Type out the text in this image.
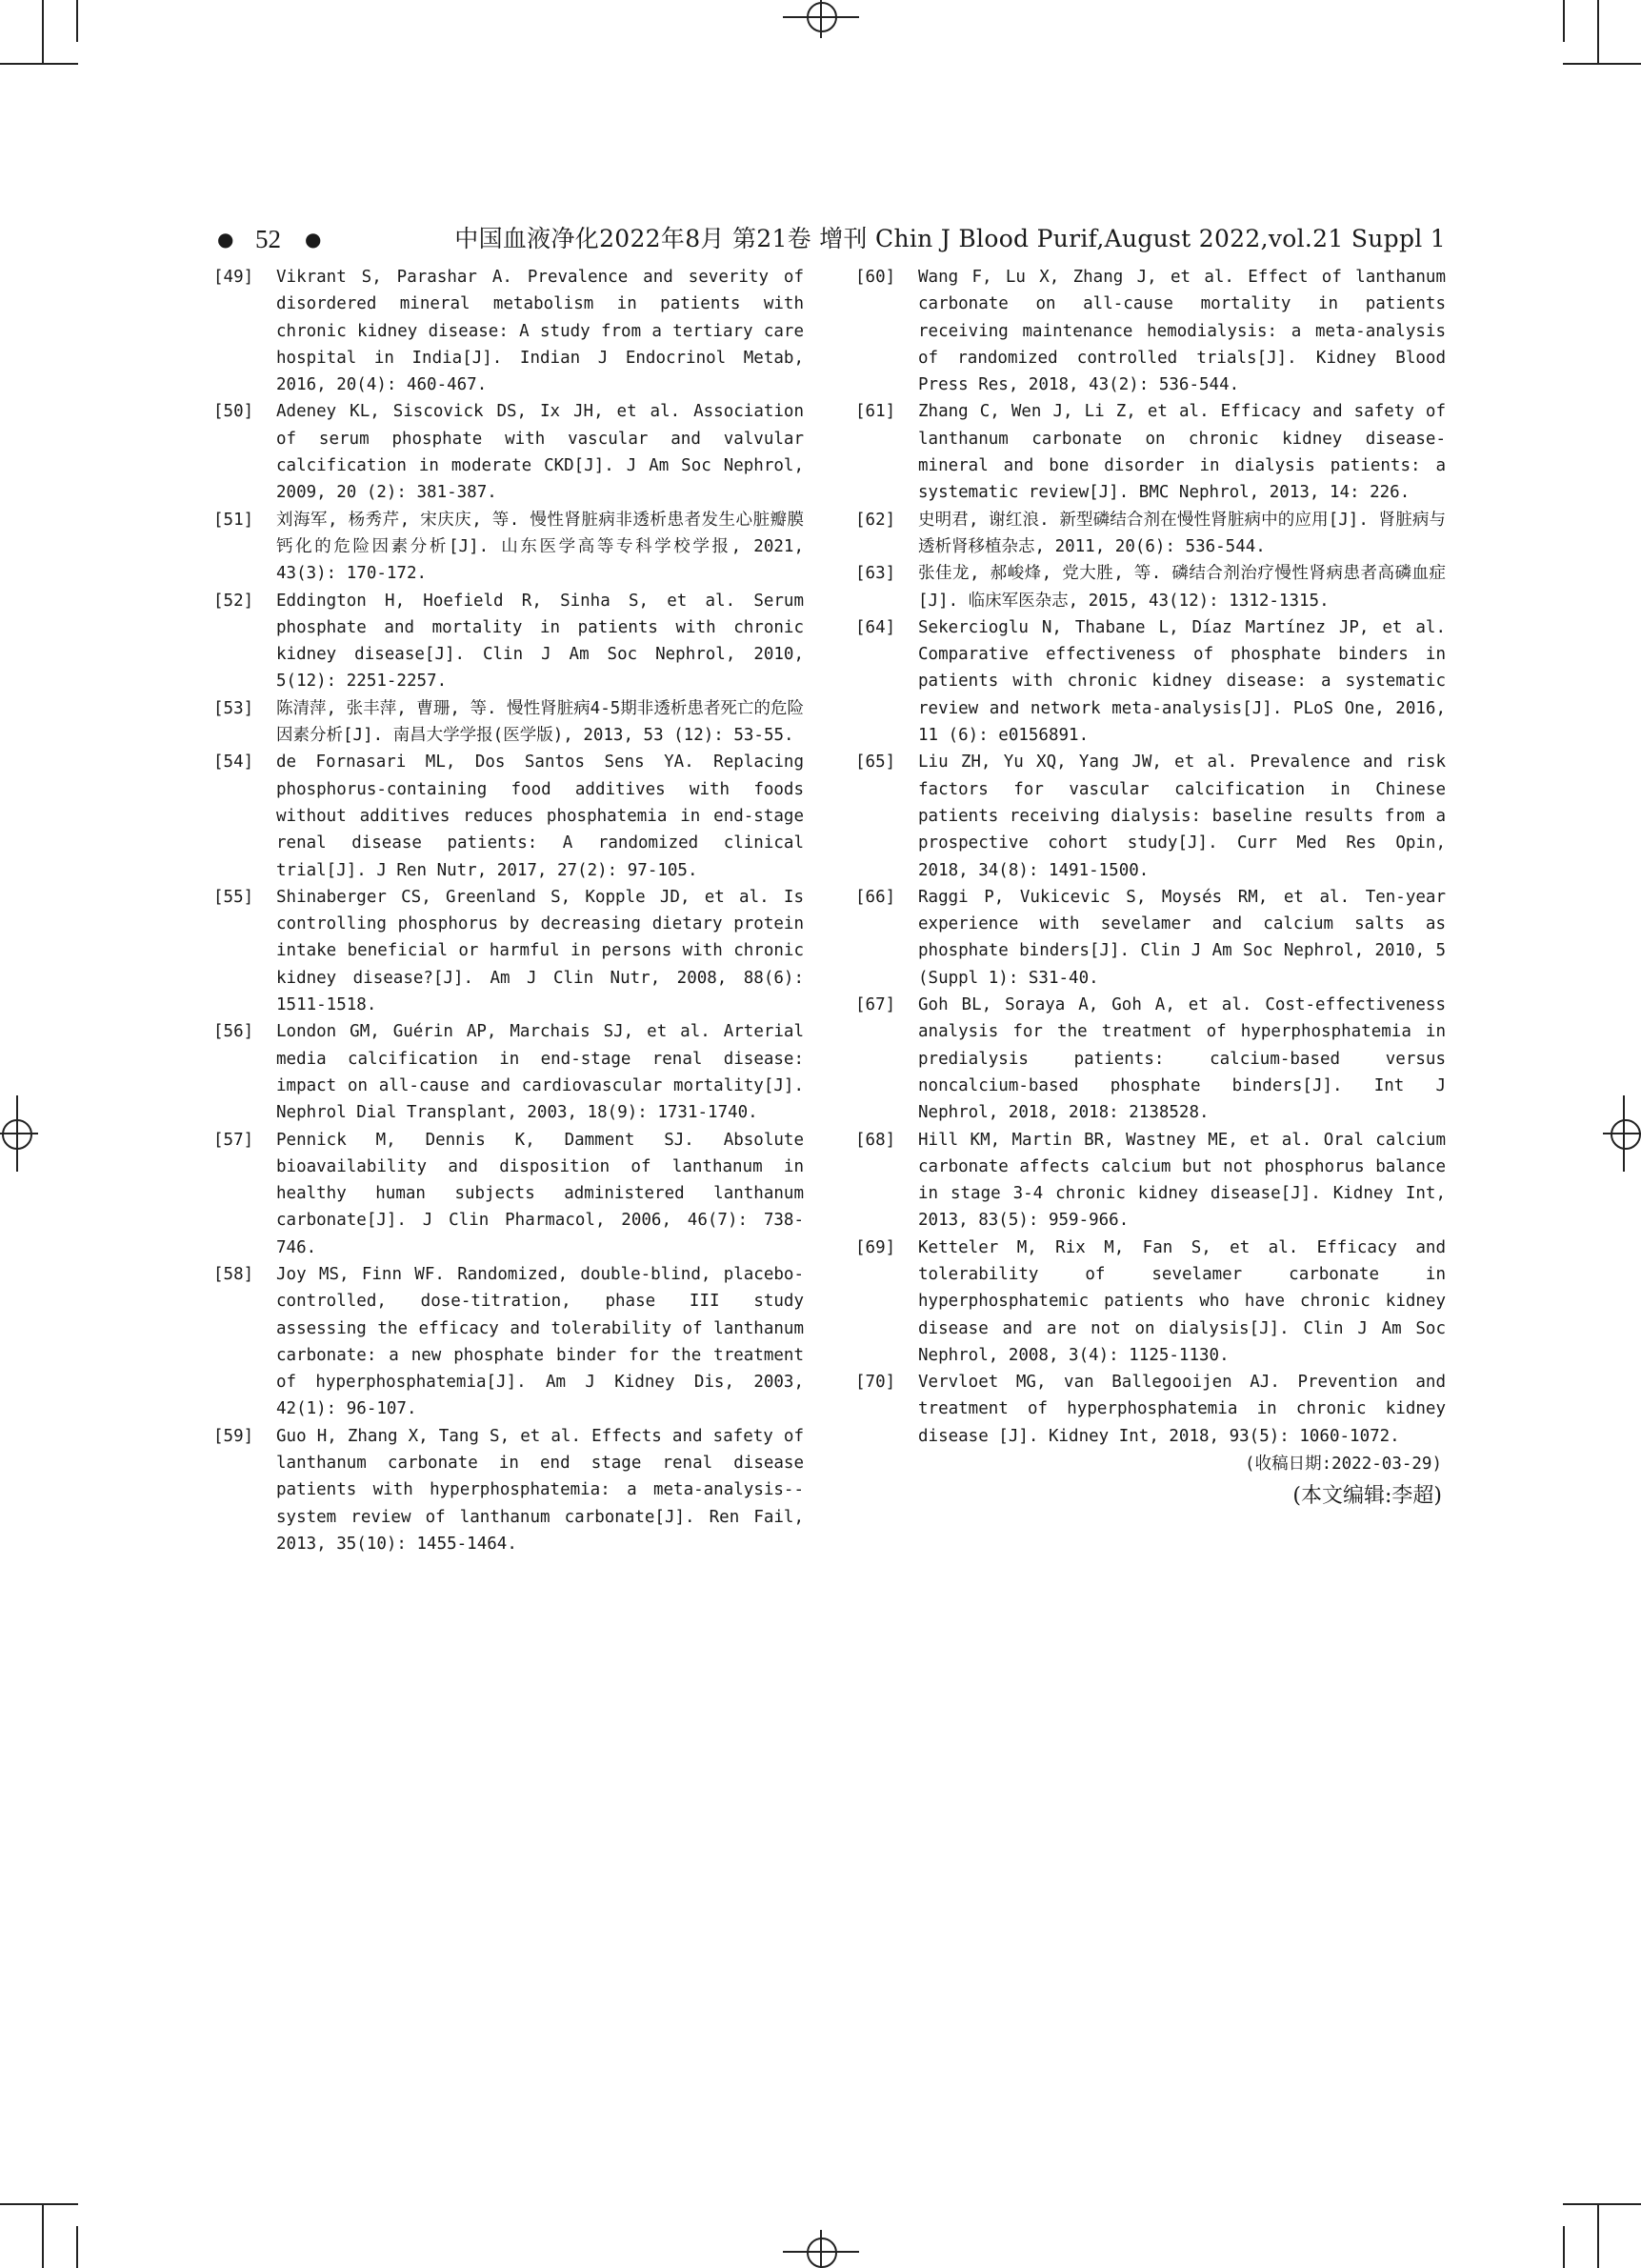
● 52 ●	中国血液净化2022年8月 第21卷 增刊 Chin J Blood Purif,August 2022,vol.21 Suppl 1
[49]	Vikrant S, Parashar A. Prevalence and severity of disordered mineral metabolism in patients with chronic kidney disease: A study from a tertiary care hospital in India[J]. Indian J Endocrinol Metab, 2016, 20(4): 460-467.
[50]	Adeney KL, Siscovick DS, Ix JH, et al. Association of serum phosphate with vascular and valvular calcification in moderate CKD[J]. J Am Soc Nephrol, 2009, 20 (2): 381-387.
[51]	刘海军, 杨秀芹, 宋庆庆, 等. 慢性肾脏病非透析患者发生心脏瓣膜钙化的危险因素分析[J]. 山东医学高等专科学校学报, 2021, 43(3): 170-172.
[52]	Eddington H, Hoefield R, Sinha S, et al. Serum phosphate and mortality in patients with chronic kidney disease[J]. Clin J Am Soc Nephrol, 2010, 5(12): 2251-2257.
[53]	陈清萍, 张丰萍, 曹珊, 等. 慢性肾脏病4-5期非透析患者死亡的危险因素分析[J]. 南昌大学学报(医学版), 2013, 53 (12): 53-55.
[54]	de Fornasari ML, Dos Santos Sens YA. Replacing phosphorus-containing food additives with foods without additives reduces phosphatemia in end-stage renal disease patients: A randomized clinical trial[J]. J Ren Nutr, 2017, 27(2): 97-105.
[55]	Shinaberger CS, Greenland S, Kopple JD, et al. Is controlling phosphorus by decreasing dietary protein intake beneficial or harmful in persons with chronic kidney disease?[J]. Am J Clin Nutr, 2008, 88(6): 1511-1518.
[56]	London GM, Guérin AP, Marchais SJ, et al. Arterial media calcification in end-stage renal disease: impact on all-cause and cardiovascular mortality[J]. Nephrol Dial Transplant, 2003, 18(9): 1731-1740.
[57]	Pennick M, Dennis K, Damment SJ. Absolute bioavailability and disposition of lanthanum in healthy human subjects administered lanthanum carbonate[J]. J Clin Pharmacol, 2006, 46(7): 738-746.
[58]	Joy MS, Finn WF. Randomized, double-blind, placebo-controlled, dose-titration, phase III study assessing the efficacy and tolerability of lanthanum carbonate: a new phosphate binder for the treatment of hyperphosphatemia[J]. Am J Kidney Dis, 2003, 42(1): 96-107.
[59]	Guo H, Zhang X, Tang S, et al. Effects and safety of lanthanum carbonate in end stage renal disease patients with hyperphosphatemia: a meta-analysis--system review of lanthanum carbonate[J]. Ren Fail, 2013, 35(10): 1455-1464.
[60]	Wang F, Lu X, Zhang J, et al. Effect of lanthanum carbonate on all-cause mortality in patients receiving maintenance hemodialysis: a meta-analysis of randomized controlled trials[J]. Kidney Blood Press Res, 2018, 43(2): 536-544.
[61]	Zhang C, Wen J, Li Z, et al. Efficacy and safety of lanthanum carbonate on chronic kidney disease-mineral and bone disorder in dialysis patients: a systematic review[J]. BMC Nephrol, 2013, 14: 226.
[62]	史明君, 谢红浪. 新型磷结合剂在慢性肾脏病中的应用[J]. 肾脏病与透析肾移植杂志, 2011, 20(6): 536-544.
[63]	张佳龙, 郝峻烽, 党大胜, 等. 磷结合剂治疗慢性肾病患者高磷血症[J]. 临床军医杂志, 2015, 43(12): 1312-1315.
[64]	Sekercioglu N, Thabane L, Díaz Martínez JP, et al. Comparative effectiveness of phosphate binders in patients with chronic kidney disease: a systematic review and network meta-analysis[J]. PLoS One, 2016, 11 (6): e0156891.
[65]	Liu ZH, Yu XQ, Yang JW, et al. Prevalence and risk factors for vascular calcification in Chinese patients receiving dialysis: baseline results from a prospective cohort study[J]. Curr Med Res Opin, 2018, 34(8): 1491-1500.
[66]	Raggi P, Vukicevic S, Moysés RM, et al. Ten-year experience with sevelamer and calcium salts as phosphate binders[J]. Clin J Am Soc Nephrol, 2010, 5 (Suppl 1): S31-40.
[67]	Goh BL, Soraya A, Goh A, et al. Cost-effectiveness analysis for the treatment of hyperphosphatemia in predialysis patients: calcium-based versus noncalcium-based phosphate binders[J]. Int J Nephrol, 2018, 2018: 2138528.
[68]	Hill KM, Martin BR, Wastney ME, et al. Oral calcium carbonate affects calcium but not phosphorus balance in stage 3-4 chronic kidney disease[J]. Kidney Int, 2013, 83(5): 959-966.
[69]	Ketteler M, Rix M, Fan S, et al. Efficacy and tolerability of sevelamer carbonate in hyperphosphatemic patients who have chronic kidney disease and are not on dialysis[J]. Clin J Am Soc Nephrol, 2008, 3(4): 1125-1130.
[70]	Vervloet MG, van Ballegooijen AJ. Prevention and treatment of hyperphosphatemia in chronic kidney disease [J]. Kidney Int, 2018, 93(5): 1060-1072.
(收稿日期:2022-03-29)
(本文编辑:李超)
